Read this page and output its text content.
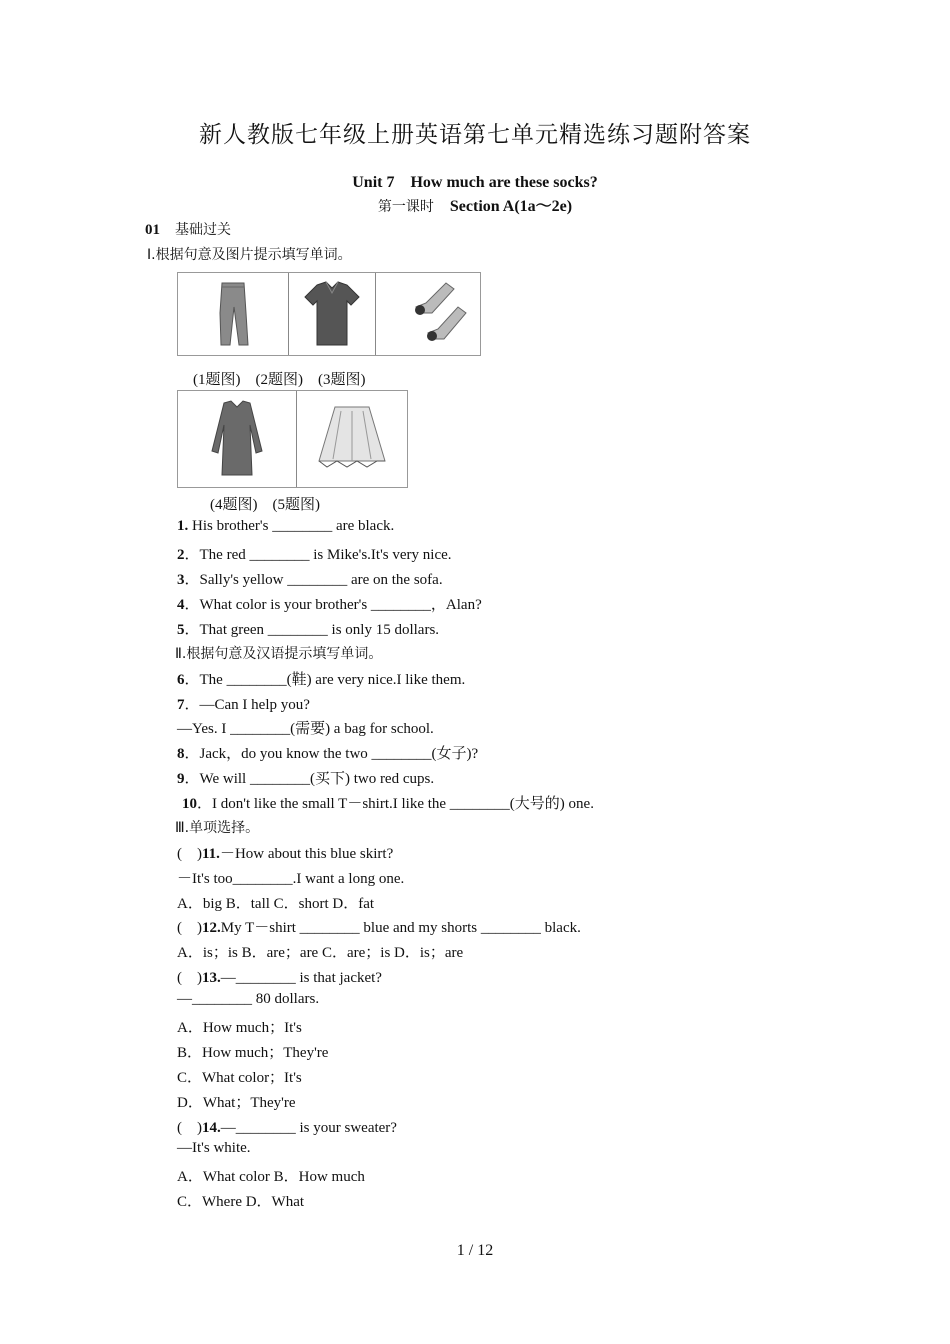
新人教版七年级上册英语第七单元精选练习题附答案
Unit 7　How much are these socks?
第一课时　 Section A(1a～2e)
01　 基础过关
Ⅰ.根据句意及图片提示填写单词。
(1题图)　(2题图)　(3题图)
(4题图)　(5题图)
1. His brother's ________ are black.
2．The red ________ is Mike's.It's very nice.
3．Sally's yellow ________ are on the sofa.
4．What color is your brother's ________，Alan?
5．That green ________ is only 15 dollars.
Ⅱ.根据句意及汉语提示填写单词。
6．The ________(鞋) are very nice.I like them.
7．—Can I help you?
—Yes. I ________(需要) a bag for school.
8．Jack，do you know the two ________(女子)?
9．We will ________(买下) two red cups.
10．I don't like the small T－shirt.I like the ________(大号的) one.
Ⅲ.单项选择。
(　)11.－How about this blue skirt?
－It's too________.I want a long one.
A．big B．tall C．short D．fat
(　)12.My T－shirt ________ blue and my shorts ________ black.
A．is；is B．are；are C．are；is D．is；are
(　)13.—________ is that jacket?
—________ 80 dollars.
A．How much；It's
B．How much；They're
C．What color；It's
D．What；They're
(　)14.—________ is your sweater?
—It's white.
A．What color B．How much
C．Where D．What
1 / 12
